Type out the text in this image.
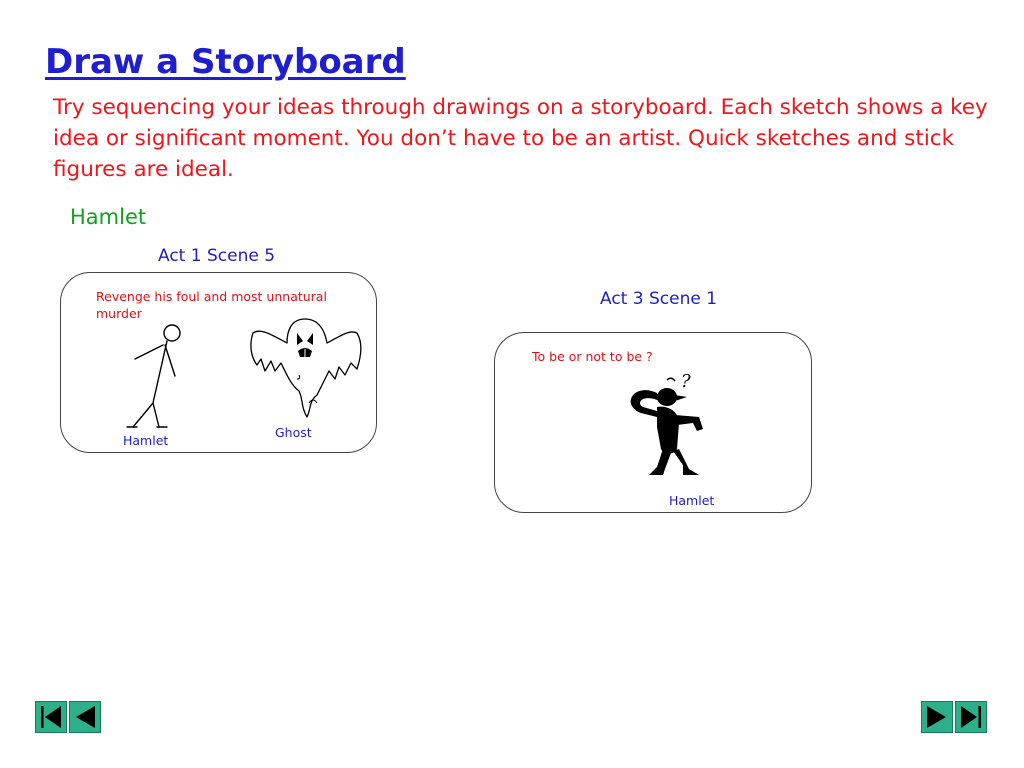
Draw a Storyboard

Try sequencing your ideas through drawings on a storyboard. Each sketch shows a key idea or significant moment. You don’t have to be an artist. Quick sketches and stick figures are ideal.

Hamlet
Act 1 Scene 5
Revenge his foul and most unnatural murder
Hamlet
Ghost
Act 3 Scene 1
To be or not to be ?
?
Hamlet
